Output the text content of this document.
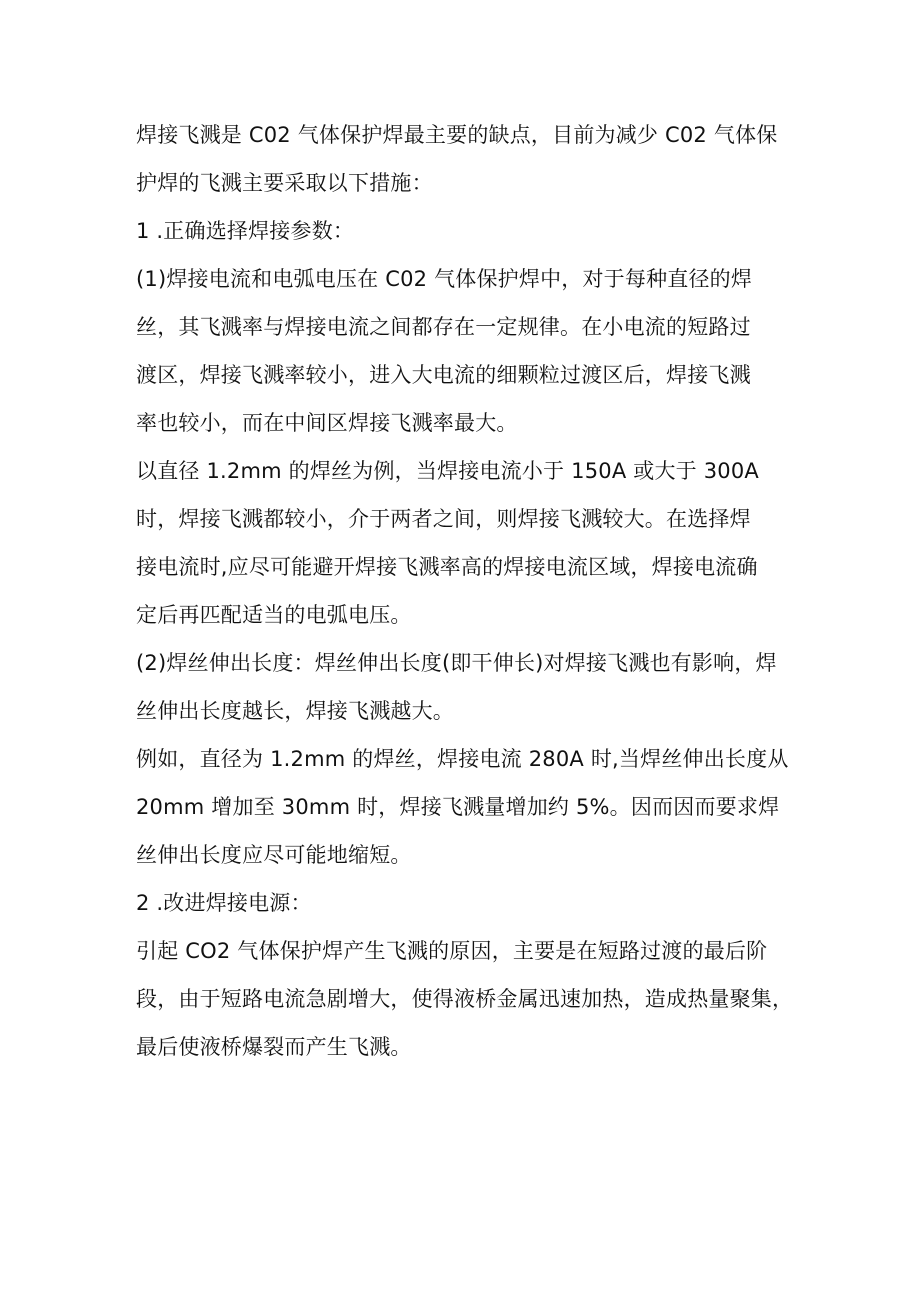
焊接飞溅是 C02 气体保护焊最主要的缺点，目前为减少 C02 气体保
护焊的飞溅主要采取以下措施：
1 .正确选择焊接参数：
(1)焊接电流和电弧电压在 C02 气体保护焊中，对于每种直径的焊
丝，其飞溅率与焊接电流之间都存在一定规律。在小电流的短路过
渡区，焊接飞溅率较小，进入大电流的细颗粒过渡区后，焊接飞溅
率也较小，而在中间区焊接飞溅率最大。
以直径 1.2mm 的焊丝为例，当焊接电流小于 150A 或大于 300A
时，焊接飞溅都较小，介于两者之间，则焊接飞溅较大。在选择焊
接电流时,应尽可能避开焊接飞溅率高的焊接电流区域，焊接电流确
定后再匹配适当的电弧电压。
(2)焊丝伸出长度：焊丝伸出长度(即干伸长)对焊接飞溅也有影响，焊
丝伸出长度越长，焊接飞溅越大。
例如，直径为 1.2mm 的焊丝，焊接电流 280A 时,当焊丝伸出长度从
20mm 增加至 30mm 时，焊接飞溅量增加约 5%。因而因而要求焊
丝伸出长度应尽可能地缩短。
2 .改进焊接电源：
引起 CO2 气体保护焊产生飞溅的原因，主要是在短路过渡的最后阶
段，由于短路电流急剧增大，使得液桥金属迅速加热，造成热量聚集，
最后使液桥爆裂而产生飞溅。
